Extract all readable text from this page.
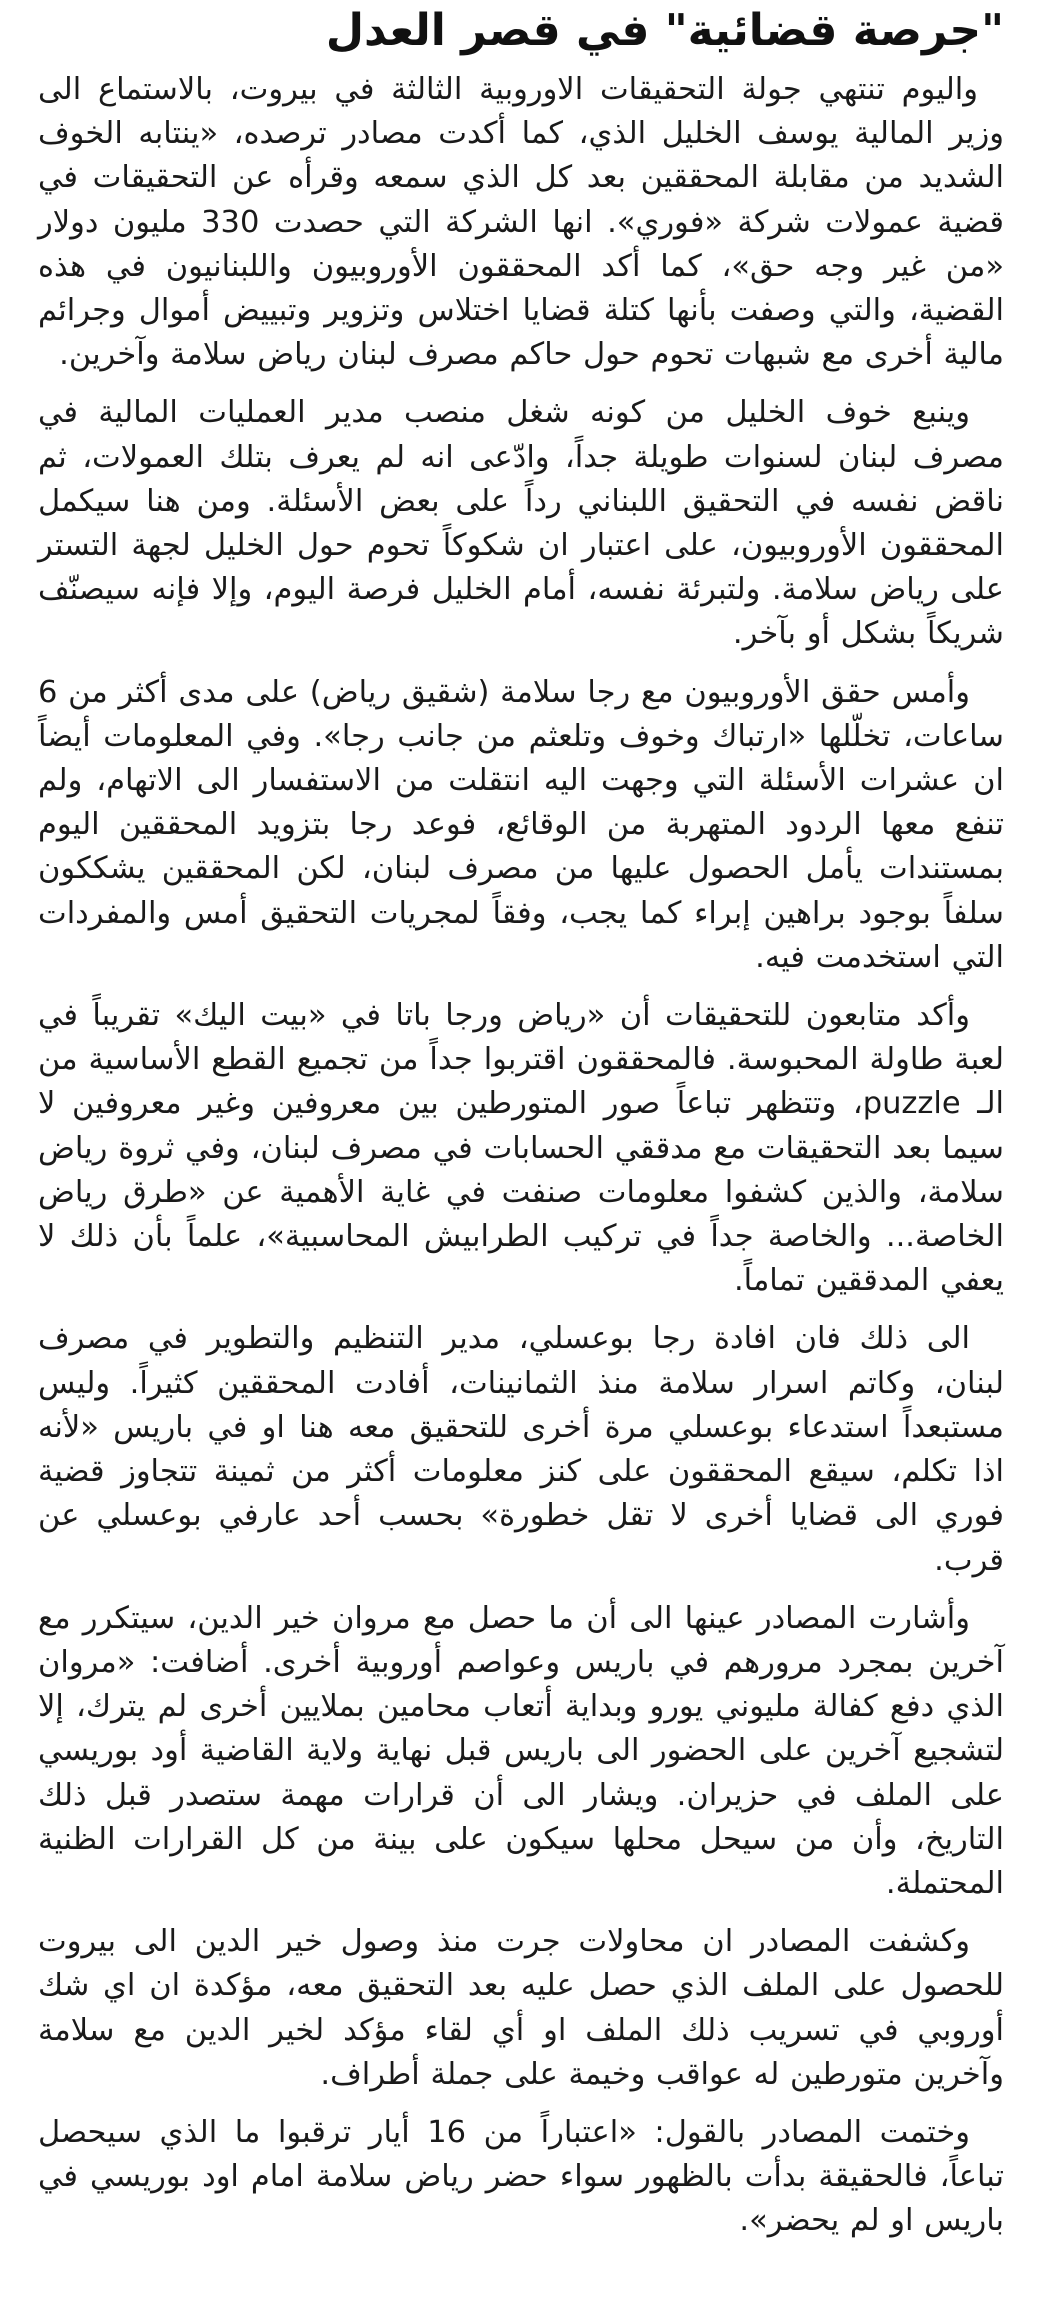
"جرصة قضائية" في قصر العدل

واليوم تنتهي جولة التحقيقات الاوروبية الثالثة في بيروت، بالاستماع الى وزير المالية يوسف الخليل الذي، كما أكدت مصادر ترصده، «ينتابه الخوف الشديد من مقابلة المحققين بعد كل الذي سمعه وقرأه عن التحقيقات في قضية عمولات شركة «فوري». انها الشركة التي حصدت 330 مليون دولار «من غير وجه حق»، كما أكد المحققون الأوروبيون واللبنانيون في هذه القضية، والتي وصفت بأنها كتلة قضايا اختلاس وتزوير وتبييض أموال وجرائم مالية أخرى مع شبهات تحوم حول حاكم مصرف لبنان رياض سلامة وآخرين.

وينبع خوف الخليل من كونه شغل منصب مدير العمليات المالية في مصرف لبنان لسنوات طويلة جداً، وادّعى انه لم يعرف بتلك العمولات، ثم ناقض نفسه في التحقيق اللبناني رداً على بعض الأسئلة. ومن هنا سيكمل المحققون الأوروبيون، على اعتبار ان شكوكاً تحوم حول الخليل لجهة التستر على رياض سلامة. ولتبرئة نفسه، أمام الخليل فرصة اليوم، وإلا فإنه سيصنّف شريكاً بشكل أو بآخر.

وأمس حقق الأوروبيون مع رجا سلامة (شقيق رياض) على مدى أكثر من 6 ساعات، تخلّلها «ارتباك وخوف وتلعثم من جانب رجا». وفي المعلومات أيضاً ان عشرات الأسئلة التي وجهت اليه انتقلت من الاستفسار الى الاتهام، ولم تنفع معها الردود المتهربة من الوقائع، فوعد رجا بتزويد المحققين اليوم بمستندات يأمل الحصول عليها من مصرف لبنان، لكن المحققين يشككون سلفاً بوجود براهين إبراء كما يجب، وفقاً لمجريات التحقيق أمس والمفردات التي استخدمت فيه.

وأكد متابعون للتحقيقات أن «رياض ورجا باتا في «بيت اليك» تقريباً في لعبة طاولة المحبوسة. فالمحققون اقتربوا جداً من تجميع القطع الأساسية من الـ puzzle، وتتظهر تباعاً صور المتورطين بين معروفين وغير معروفين لا سيما بعد التحقيقات مع مدققي الحسابات في مصرف لبنان، وفي ثروة رياض سلامة، والذين كشفوا معلومات صنفت في غاية الأهمية عن «طرق رياض الخاصة... والخاصة جداً في تركيب الطرابيش المحاسبية»، علماً بأن ذلك لا يعفي المدققين تماماً.

الى ذلك فان افادة رجا بوعسلي، مدير التنظيم والتطوير في مصرف لبنان، وكاتم اسرار سلامة منذ الثمانينات، أفادت المحققين كثيراً. وليس مستبعداً استدعاء بوعسلي مرة أخرى للتحقيق معه هنا او في باريس «لأنه اذا تكلم، سيقع المحققون على كنز معلومات أكثر من ثمينة تتجاوز قضية فوري الى قضايا أخرى لا تقل خطورة» بحسب أحد عارفي بوعسلي عن قرب.

وأشارت المصادر عينها الى أن ما حصل مع مروان خير الدين، سيتكرر مع آخرين بمجرد مرورهم في باريس وعواصم أوروبية أخرى. أضافت: «مروان الذي دفع كفالة مليوني يورو وبداية أتعاب محامين بملايين أخرى لم يترك، إلا لتشجيع آخرين على الحضور الى باريس قبل نهاية ولاية القاضية أود بوريسي على الملف في حزيران. ويشار الى أن قرارات مهمة ستصدر قبل ذلك التاريخ، وأن من سيحل محلها سيكون على بينة من كل القرارات الظنية المحتملة.

وكشفت المصادر ان محاولات جرت منذ وصول خير الدين الى بيروت للحصول على الملف الذي حصل عليه بعد التحقيق معه، مؤكدة ان اي شك أوروبي في تسريب ذلك الملف او أي لقاء مؤكد لخير الدين مع سلامة وآخرين متورطين له عواقب وخيمة على جملة أطراف.

وختمت المصادر بالقول: «اعتباراً من 16 أيار ترقبوا ما الذي سيحصل تباعاً، فالحقيقة بدأت بالظهور سواء حضر رياض سلامة امام اود بوريسي في باريس او لم يحضر».
